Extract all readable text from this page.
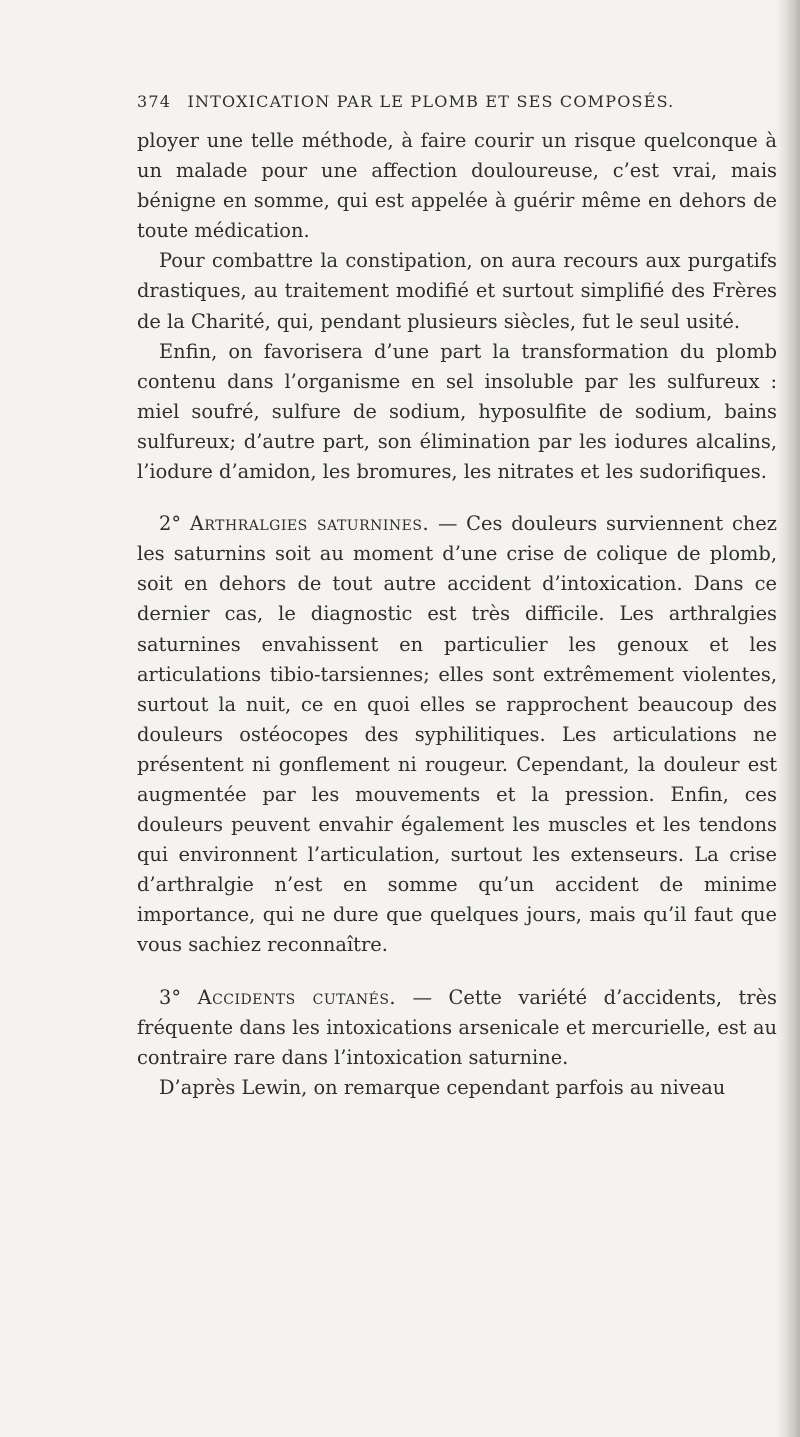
374 INTOXICATION PAR LE PLOMB ET SES COMPOSÉS.

ployer une telle méthode, à faire courir un risque quelconque à un malade pour une affection douloureuse, c’est vrai, mais bénigne en somme, qui est appelée à guérir même en dehors de toute médication.

Pour combattre la constipation, on aura recours aux purgatifs drastiques, au traitement modifié et surtout simplifié des Frères de la Charité, qui, pendant plusieurs siècles, fut le seul usité.

Enfin, on favorisera d’une part la transformation du plomb contenu dans l’organisme en sel insoluble par les sulfureux : miel soufré, sulfure de sodium, hyposulfite de sodium, bains sulfureux; d’autre part, son élimination par les iodures alcalins, l’iodure d’amidon, les bromures, les nitrates et les sudorifiques.

2° Arthralgies saturnines. — Ces douleurs surviennent chez les saturnins soit au moment d’une crise de colique de plomb, soit en dehors de tout autre accident d’intoxication. Dans ce dernier cas, le diagnostic est très difficile. Les arthralgies saturnines envahissent en particulier les genoux et les articulations tibio-tarsiennes; elles sont extrêmement violentes, surtout la nuit, ce en quoi elles se rapprochent beaucoup des douleurs ostéocopes des syphilitiques. Les articulations ne présentent ni gonflement ni rougeur. Cependant, la douleur est augmentée par les mouvements et la pression. Enfin, ces douleurs peuvent envahir également les muscles et les tendons qui environnent l’articulation, surtout les extenseurs. La crise d’arthralgie n’est en somme qu’un accident de minime importance, qui ne dure que quelques jours, mais qu’il faut que vous sachiez reconnaître.

3° Accidents cutanés. — Cette variété d’accidents, très fréquente dans les intoxications arsenicale et mercurielle, est au contraire rare dans l’intoxication saturnine.

D’après Lewin, on remarque cependant parfois au niveau
